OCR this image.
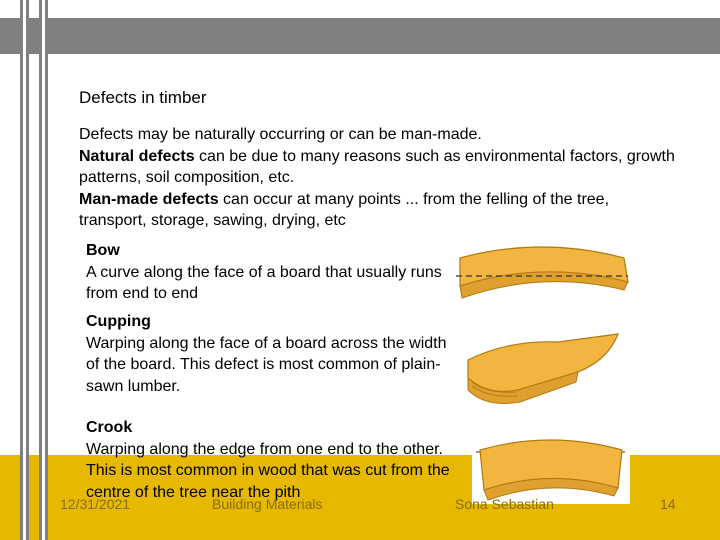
Defects in timber
Defects may be naturally occurring or can be man-made.
Natural defects can be due to many reasons such as environmental factors, growth patterns, soil composition, etc.
Man-made defects can occur at many points ... from the felling of the tree, transport, storage, sawing, drying, etc
Bow
A curve along the face of a board that usually runs from end to end
Cupping
Warping along the face of a board across the width of the board. This defect is most common of plain-sawn lumber.
Crook
Warping along the edge from one end to the other. This is most common in wood that was cut from the centre of the tree near the pith
12/31/2021	Building Materials	Sona Sebastian	14
